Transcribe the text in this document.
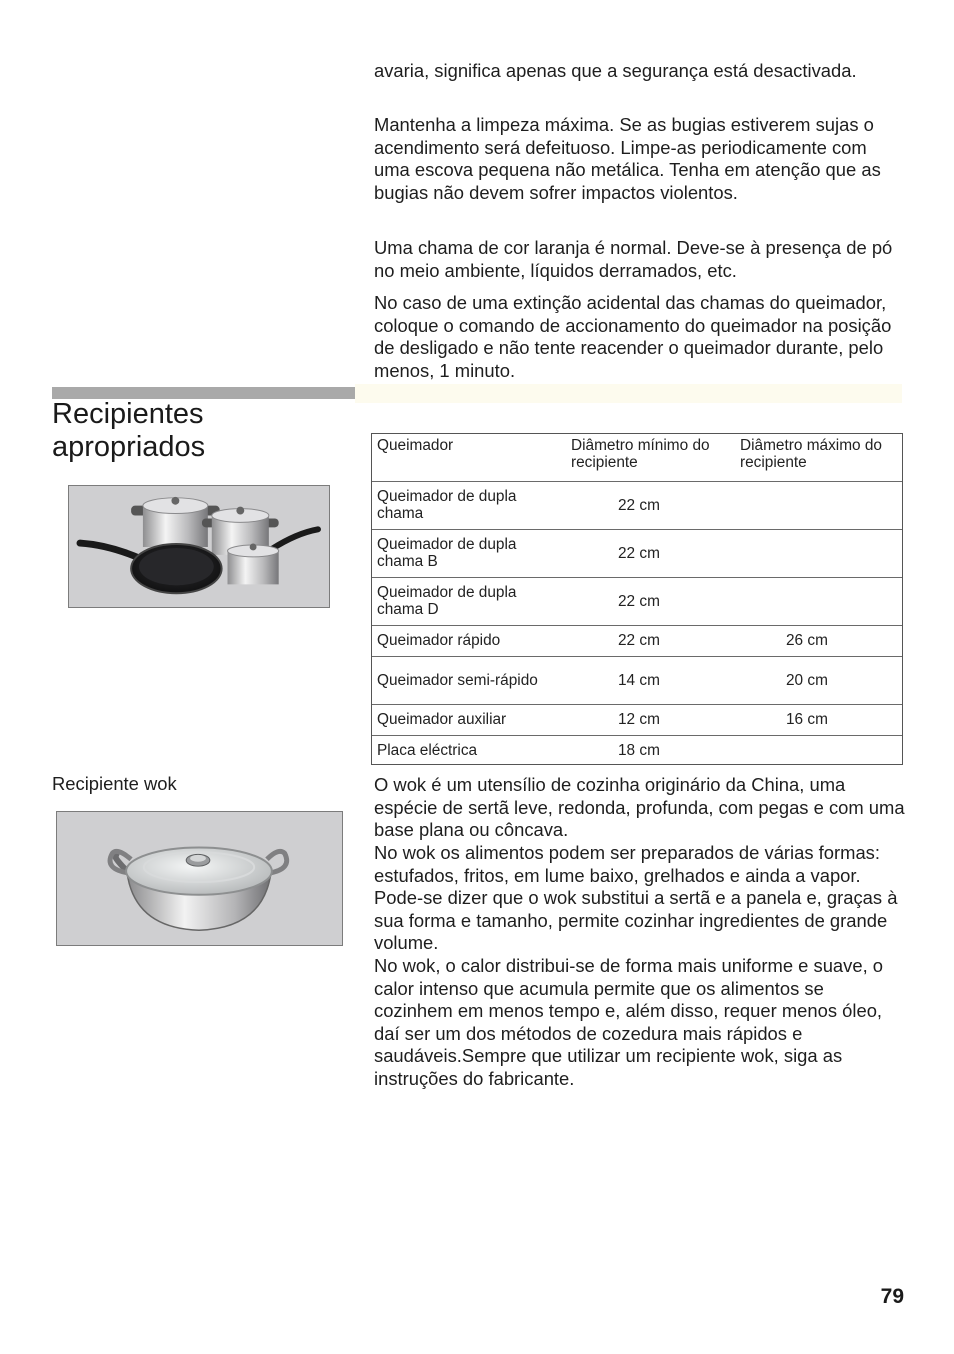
avaria, significa apenas que a segurança está desactivada.

Mantenha a limpeza máxima. Se as bugias estiverem sujas o acendimento será defeituoso. Limpe-as periodicamente com uma escova pequena não metálica. Tenha em atenção que as bugias não devem sofrer impactos violentos.

Uma chama de cor laranja é normal. Deve-se à presença de pó no meio ambiente, líquidos derramados, etc.

No caso de uma extinção acidental das chamas do queimador, coloque o comando de accionamento do queimador na posição de desligado e não tente reacender o queimador durante, pelo menos, 1 minuto.

Recipientes apropriados	Queimador	Diâmetro mínimo do recipiente	Diâmetro máximo do recipiente
Queimador de dupla chama	22 cm	
Queimador de dupla chama B	22 cm	
Queimador de dupla chama D	22 cm	
Queimador rápido	22 cm	26 cm
Queimador semi-rápido	14 cm	20 cm
Queimador auxiliar	12 cm	16 cm
Placa eléctrica	18 cm	

Recipiente wok	O wok é um utensílio de cozinha originário da China, uma espécie de sertã leve, redonda, profunda, com pegas e com uma base plana ou côncava.

No wok os alimentos podem ser preparados de várias formas: estufados, fritos, em lume baixo, grelhados e ainda a vapor. Pode-se dizer que o wok substitui a sertã e a panela e, graças à sua forma e tamanho, permite cozinhar ingredientes de grande volume.

No wok, o calor distribui-se de forma mais uniforme e suave, o calor intenso que acumula permite que os alimentos se cozinhem em menos tempo e, além disso, requer menos óleo, daí ser um dos métodos de cozedura mais rápidos e saudáveis.Sempre que utilizar um recipiente wok, siga as instruções do fabricante.

79
